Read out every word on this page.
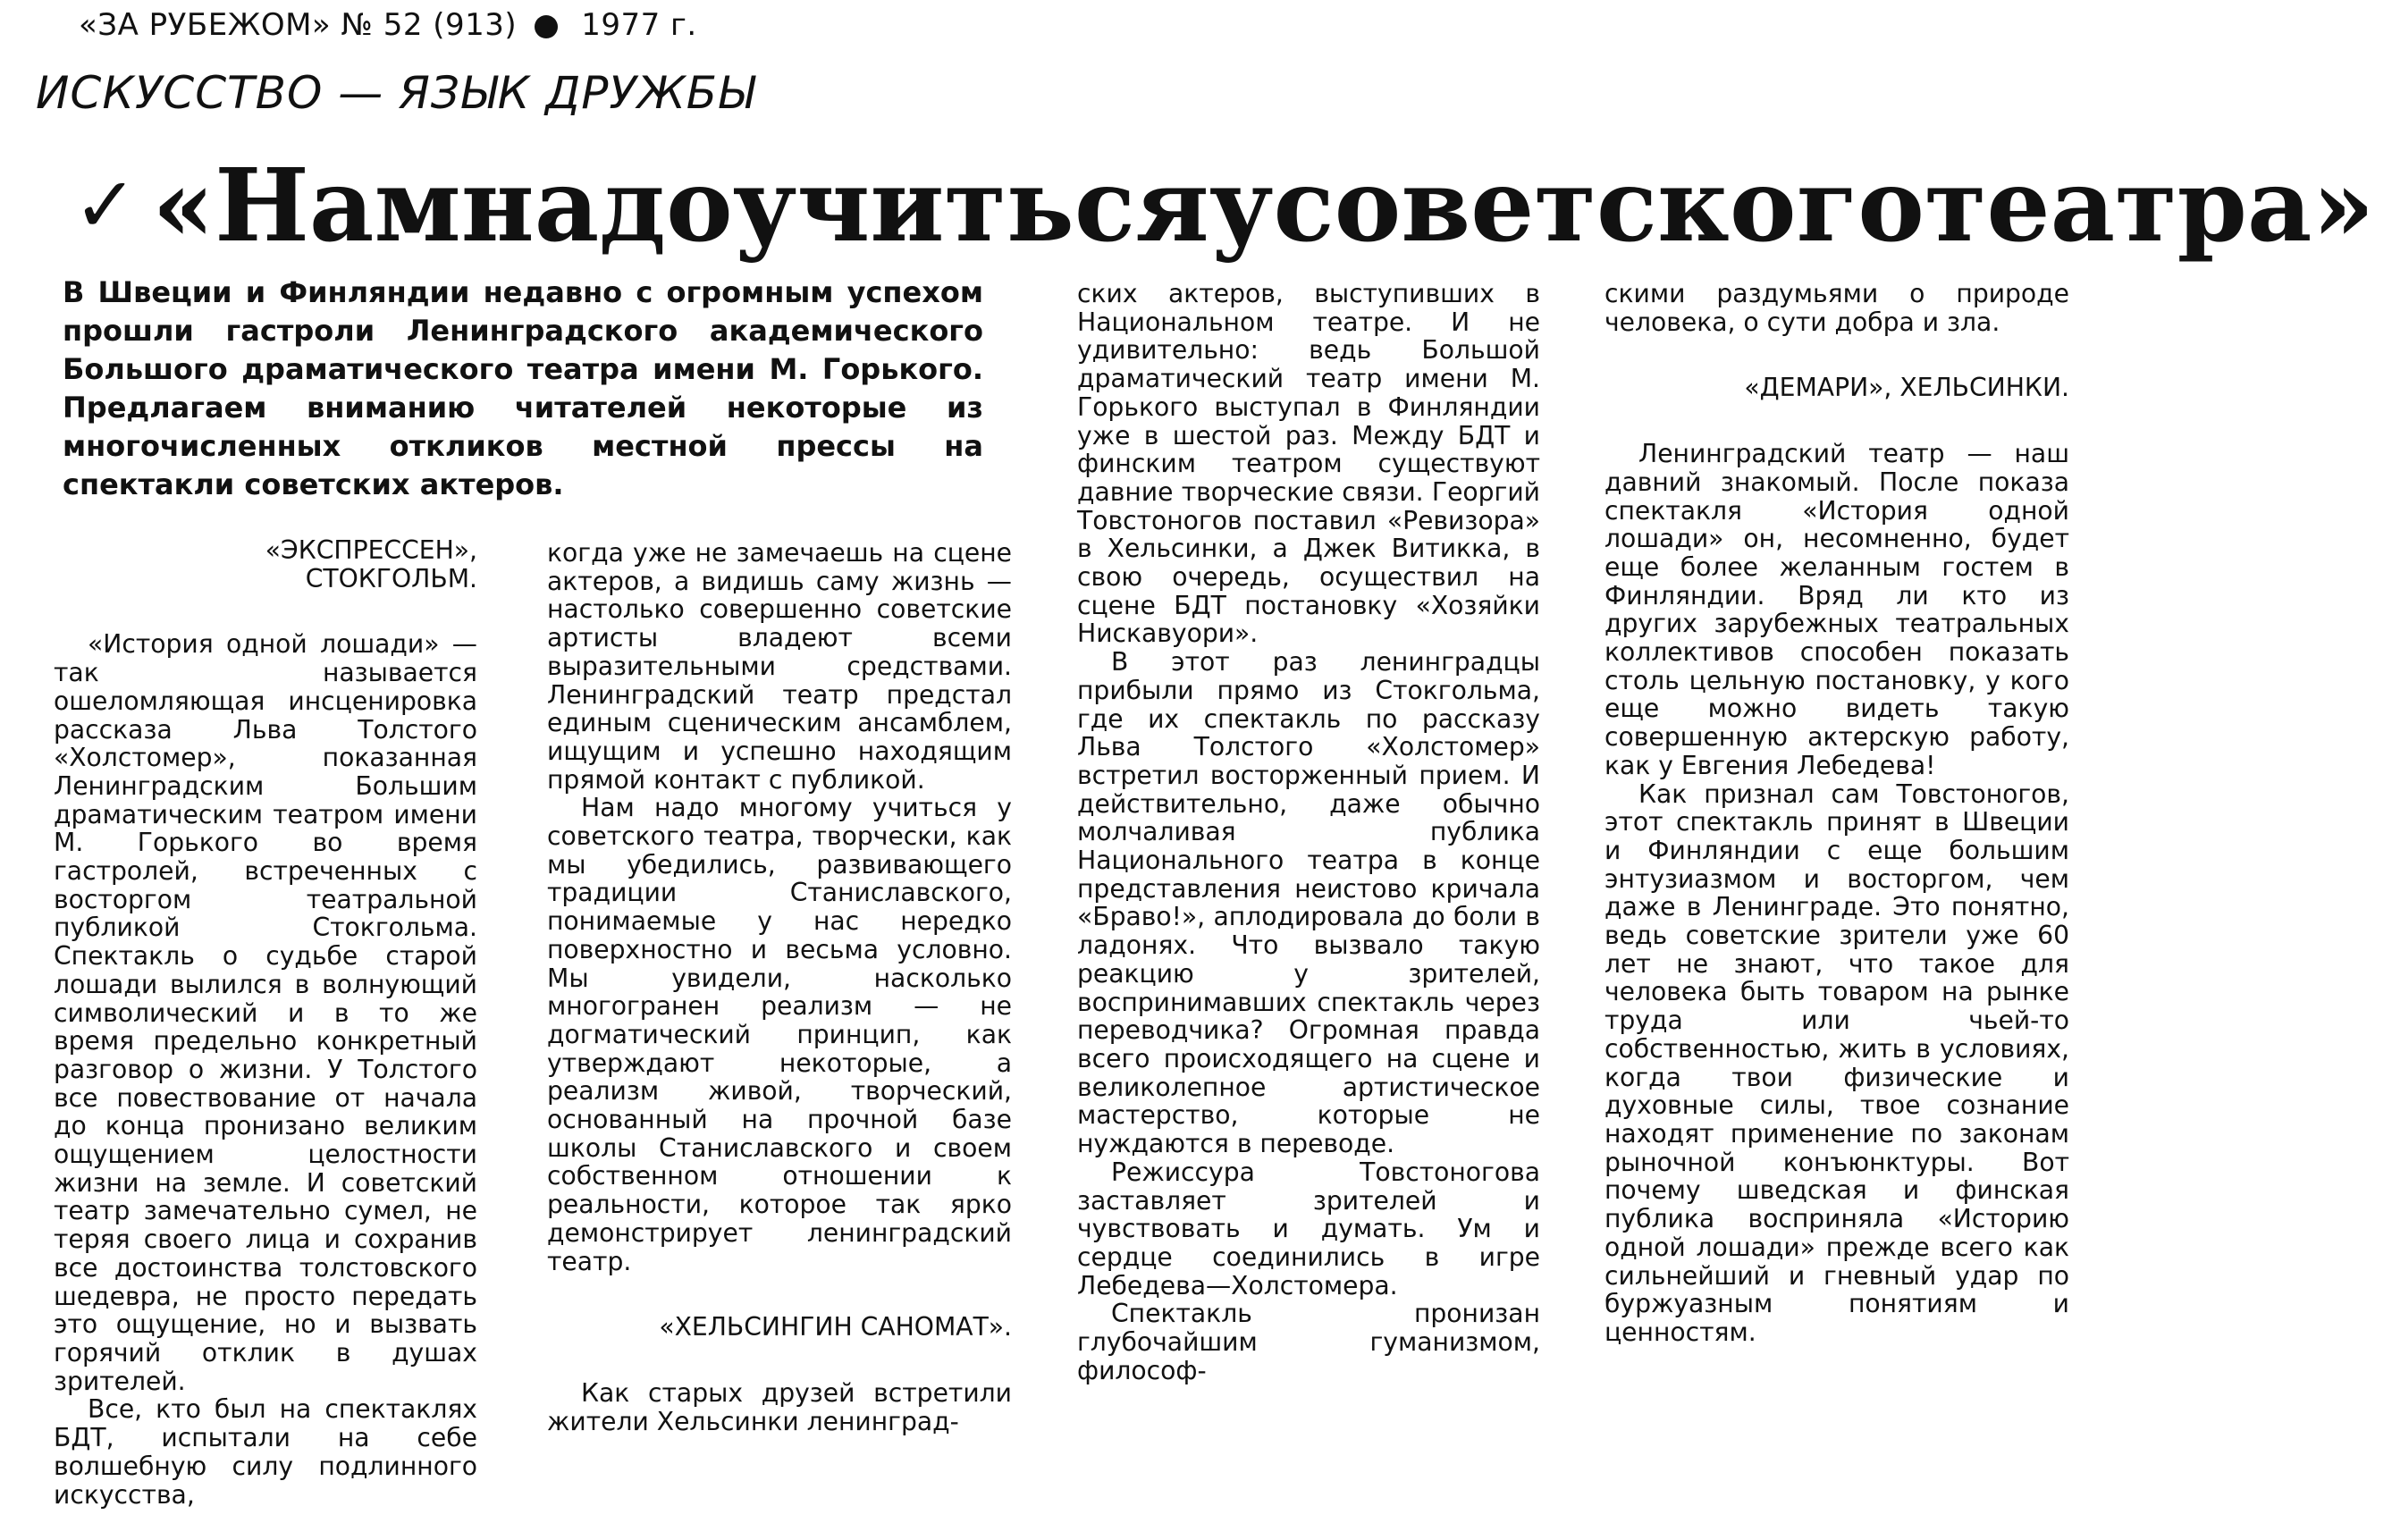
«ЗА РУБЕЖОМ» № 52 (913) 1977 г.
ИСКУССТВО — ЯЗЫК ДРУЖБЫ
✓ «Нам надо учиться у советского театра»
В Швеции и Финляндии недавно с огромным успехом прошли гастроли Ленинградского академического Большого драматического театра имени М. Горького. Предлагаем вниманию читателей некоторые из многочисленных откликов местной прессы на спектакли советских актеров.

«ЭКСПРЕССЕН»,

СТОКГОЛЬМ.

«История одной лошади» — так называется ошеломляющая инсценировка рассказа Льва Толстого «Холстомер», показанная Ленинградским Большим драматическим театром имени М. Горького во время гастролей, встреченных с восторгом театральной публикой Стокгольма. Спектакль о судьбе старой лошади вылился в волнующий символический и в то же время предельно конкретный разговор о жизни. У Толстого все повествование от начала до конца пронизано великим ощущением целостности жизни на земле. И советский театр замечательно сумел, не теряя своего лица и сохранив все достоинства толстовского шедевра, не просто передать это ощущение, но и вызвать горячий отклик в душах зрителей.

Все, кто был на спектаклях БДТ, испытали на себе волшебную силу подлинного искусства,

когда уже не замечаешь на сцене актеров, а видишь саму жизнь — настолько совершенно советские артисты владеют всеми выразительными средствами. Ленинградский театр предстал единым сценическим ансамблем, ищущим и успешно находящим прямой контакт с публикой.

Нам надо многому учиться у советского театра, творчески, как мы убедились, развивающего традиции Станиславского, понимаемые у нас нередко поверхностно и весьма условно. Мы увидели, насколько многогранен реализм — не догматический принцип, как утверждают некоторые, а реализм живой, творческий, основанный на прочной базе школы Станиславского и своем собственном отношении к реальности, которое так ярко демонстрирует ленинградский театр.

«ХЕЛЬСИНГИН САНОМАТ».

Как старых друзей встретили жители Хельсинки ленинград-

ских актеров, выступивших в Национальном театре. И не удивительно: ведь Большой драматический театр имени М. Горького выступал в Финляндии уже в шестой раз. Между БДТ и финским театром существуют давние творческие связи. Георгий Товстоногов поставил «Ревизора» в Хельсинки, а Джек Витикка, в свою очередь, осуществил на сцене БДТ постановку «Хозяйки Нискавуори».

В этот раз ленинградцы прибыли прямо из Стокгольма, где их спектакль по рассказу Льва Толстого «Холстомер» встретил восторженный прием. И действительно, даже обычно молчаливая публика Национального театра в конце представления неистово кричала «Браво!», аплодировала до боли в ладонях. Что вызвало такую реакцию у зрителей, воспринимавших спектакль через переводчика? Огромная правда всего происходящего на сцене и великолепное артистическое мастерство, которые не нуждаются в переводе.

Режиссура Товстоногова заставляет зрителей и чувствовать и думать. Ум и сердце соединились в игре Лебедева—Холстомера.

Спектакль пронизан глубочайшим гуманизмом, философ-

скими раздумьями о природе человека, о сути добра и зла.

«ДЕМАРИ», ХЕЛЬСИНКИ.

Ленинградский театр — наш давний знакомый. После показа спектакля «История одной лошади» он, несомненно, будет еще более желанным гостем в Финляндии. Вряд ли кто из других зарубежных театральных коллективов способен показать столь цельную постановку, у кого еще можно видеть такую совершенную актерскую работу, как у Евгения Лебедева!

Как признал сам Товстоногов, этот спектакль принят в Швеции и Финляндии с еще большим энтузиазмом и восторгом, чем даже в Ленинграде. Это понятно, ведь советские зрители уже 60 лет не знают, что такое для человека быть товаром на рынке труда или чьей-то собственностью, жить в условиях, когда твои физические и духовные силы, твое сознание находят применение по законам рыночной конъюнктуры. Вот почему шведская и финская публика восприняла «Историю одной лошади» прежде всего как сильнейший и гневный удар по буржуазным понятиям и ценностям.
